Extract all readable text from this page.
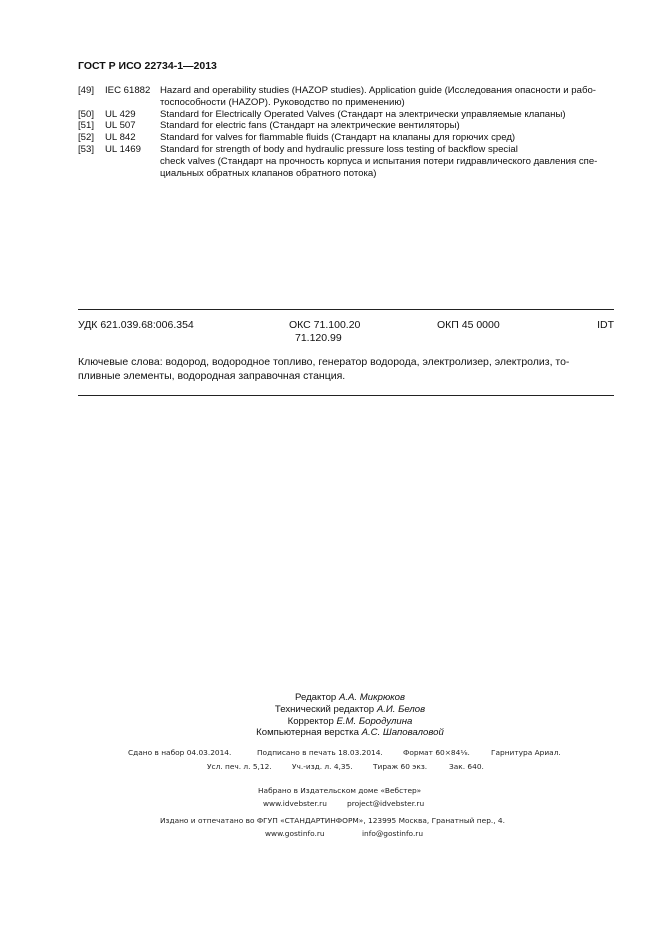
ГОСТ Р ИСО 22734-1—2013
[49]	IEC 61882	Hazard and operability studies (HAZOP studies). Application guide (Исследования опасности и рабо-
тоспособности (HAZOP). Руководство по применению)
[50]	UL 429	Standard for Electrically Operated Valves (Стандарт на электрически управляемые клапаны)
[51]	UL 507	Standard for electric fans (Стандарт на электрические вентиляторы)
[52]	UL 842	Standard for valves for flammable fluids (Стандарт на клапаны для горючих сред)
[53]	UL 1469	Standard for strength of body and hydraulic pressure loss testing of backflow special
check valves (Стандарт на прочность корпуса и испытания потери гидравлического давления спе-
циальных обратных клапанов обратного потока)
УДК 621.039.68:006.354	ОКС 71.100.20
71.120.99
ОКП 45 0000	IDT
Ключевые слова: водород, водородное топливо, генератор водорода, электролизер, электролиз, то-
пливные элементы, водородная заправочная станция.
Редактор А.А. Микрюков
Технический редактор А.И. Белов
Корректор Е.М. Бородулина
Компьютерная верстка А.С. Шаповаловой
Сдано в набор 04.03.2014.	Подписано в печать 18.03.2014.	Формат 60×84⅛.	Гарнитура Ариал.
Усл. печ. л. 5,12.	Уч.-изд. л. 4,35.	Тираж 60 экз.	Зак. 640.
Набрано в Издательском доме «Вебстер»
www.idvebster.ru	project@idvebster.ru
Издано и отпечатано во ФГУП «СТАНДАРТИНФОРМ», 123995 Москва, Гранатный пер., 4.
www.gostinfo.ru	info@gostinfo.ru
